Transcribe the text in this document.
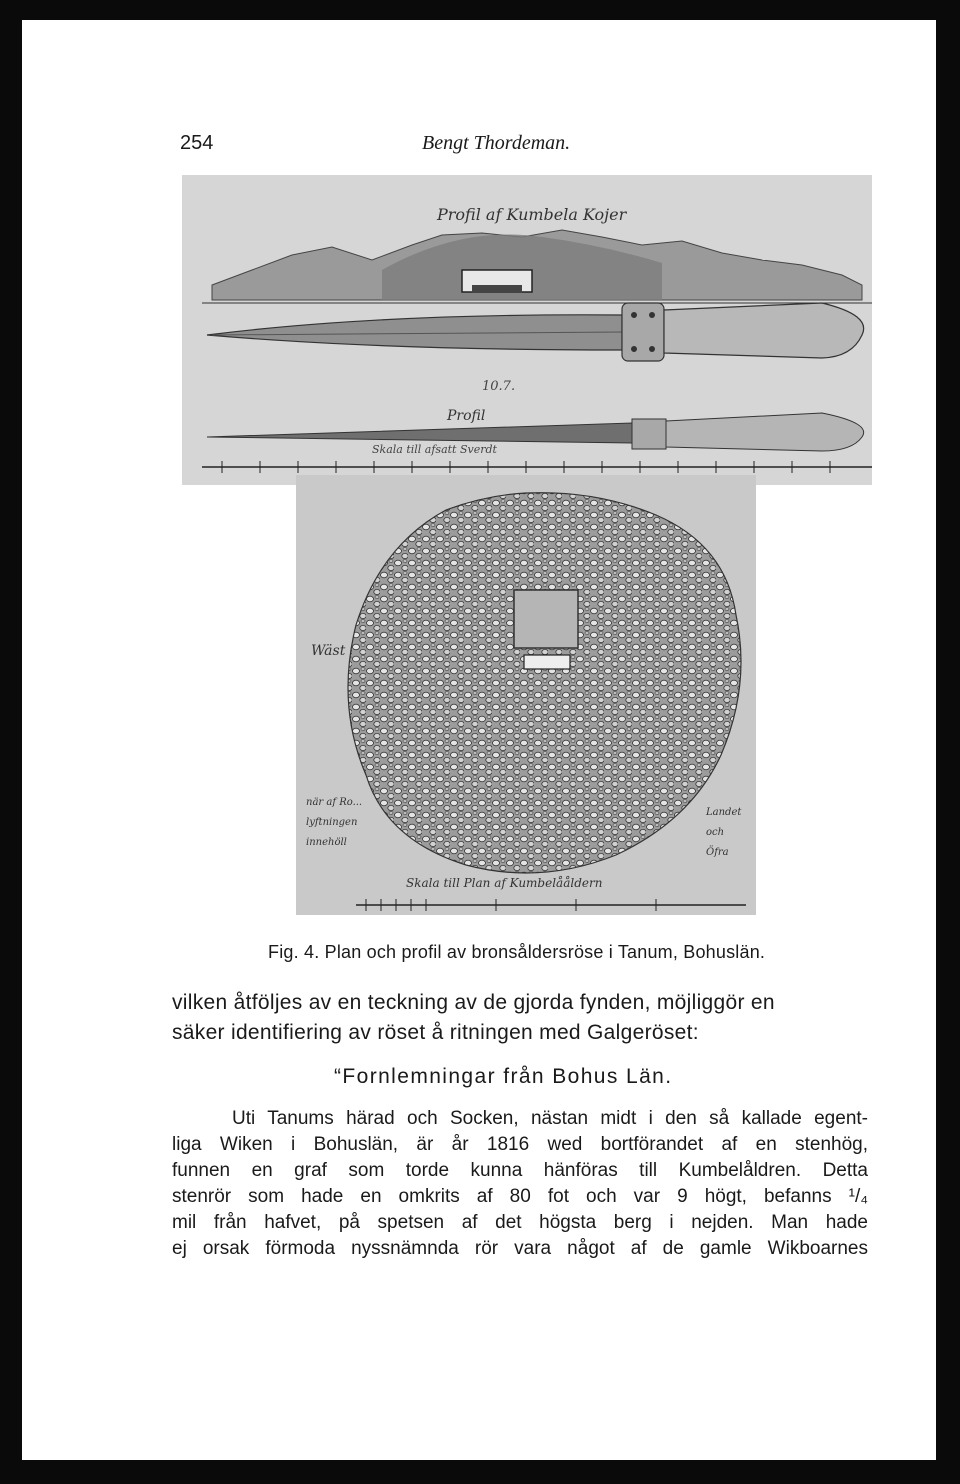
254	Bengt Thordeman.
Profil af Kumbela Kojer
10.7.
Profil
Skala till afsatt Sverdt
Wäst
när af Ro...
lyftningen
innehöll
Landet
och
Öfra
Skala till Plan af Kumbelååldern
Fig. 4. Plan och profil av bronsåldersröse i Tanum, Bohuslän.
vilken åtföljes av en teckning av de gjorda fynden, möjliggör en
säker identifiering av röset å ritningen med Galgeröset:
“Fornlemningar från Bohus Län.
Uti Tanums härad och Socken, nästan midt i den så kallade egent-
liga Wiken i Bohuslän, är år 1816 wed bortförandet af en stenhög,
funnen en graf som torde kunna hänföras till Kumbelåldren. Detta
stenrör som hade en omkrits af 80 fot och var 9 högt, befanns ¹/₄
mil från hafvet, på spetsen af det högsta berg i nejden. Man hade
ej orsak förmoda nyssnämnda rör vara något af de gamle Wikboarnes
